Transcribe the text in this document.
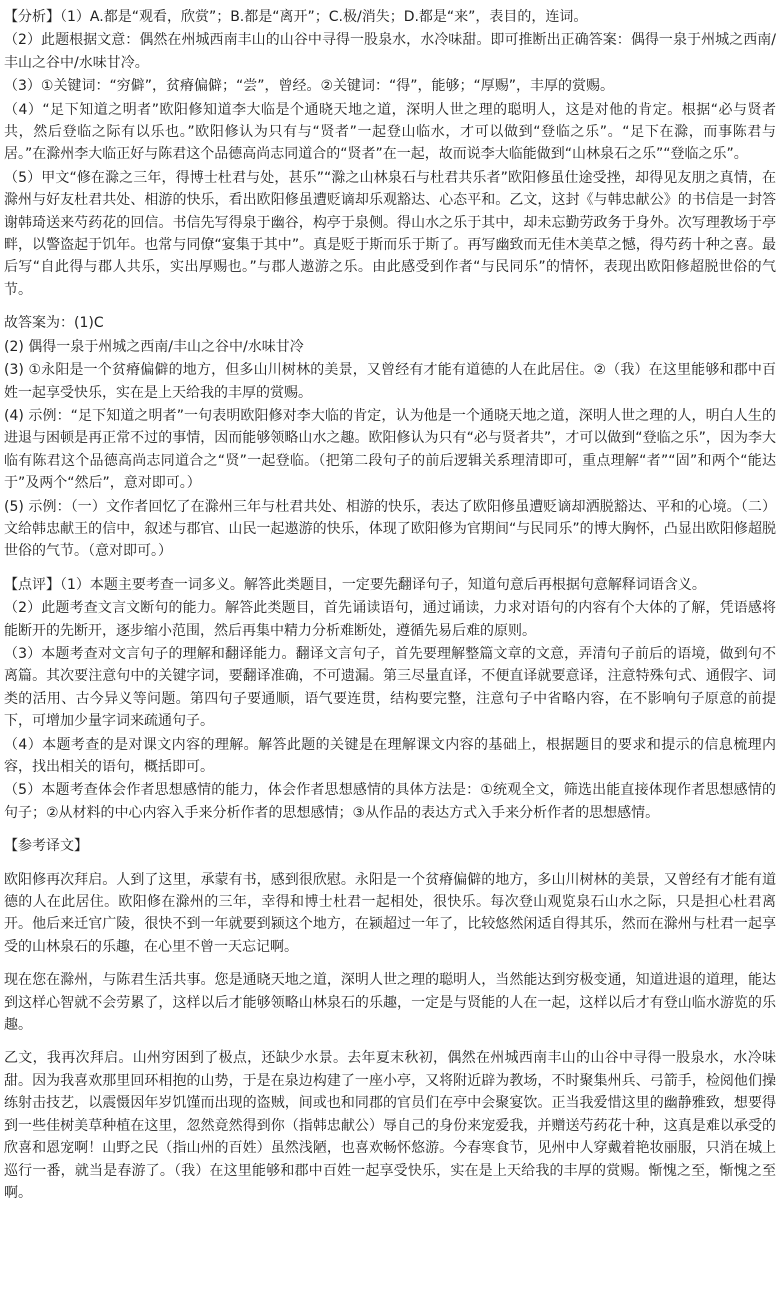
【分析】（1）A.都是“观看，欣赏”；B.都是“离开”；C.极/消失；D.都是“来”，表目的，连词。

（2）此题根据文意：偶然在州城西南丰山的山谷中寻得一股泉水，水冷味甜。即可推断出正确答案：偶得一泉于州城之西南/丰山之谷中/水味甘冷。

（3）①关键词：“穷僻”，贫瘠偏僻；“尝”，曾经。②关键词：“得”，能够；“厚赐”，丰厚的赏赐。

（4）“足下知道之明者”欧阳修知道李大临是个通晓天地之道，深明人世之理的聪明人，这是对他的肯定。根据“必与贤者共，然后登临之际有以乐也。”欧阳修认为只有与“贤者”一起登山临水，才可以做到“登临之乐”。“足下在滁，而事陈君与居。”在滁州李大临正好与陈君这个品德高尚志同道合的“贤者”在一起，故而说李大临能做到“山林泉石之乐”“登临之乐”。

（5）甲文“修在滁之三年，得博士杜君与处，甚乐”“滁之山林泉石与杜君共乐者”欧阳修虽仕途受挫，却得见友朋之真情，在滁州与好友杜君共处、相游的快乐，看出欧阳修虽遭贬谪却乐观豁达、心态平和。乙文，这封《与韩忠献公》的书信是一封答谢韩琦送来芍药花的回信。书信先写得泉于幽谷，构亭于泉侧。得山水之乐于其中，却未忘勤劳政务于身外。次写理教场于亭畔，以警盗起于饥年。也常与同僚“宴集于其中”。真是贬于斯而乐于斯了。再写幽致而无佳木美草之憾，得芍药十种之喜。最后写“自此得与郡人共乐，实出厚赐也。”与郡人遨游之乐。由此感受到作者“与民同乐”的情怀，表现出欧阳修超脱世俗的气节。

故答案为：(1)C

(2) 偶得一泉于州城之西南/丰山之谷中/水味甘冷

(3) ①永阳是一个贫瘠偏僻的地方，但多山川树林的美景，又曾经有才能有道德的人在此居住。②（我）在这里能够和郡中百姓一起享受快乐，实在是上天给我的丰厚的赏赐。

(4) 示例：“足下知道之明者”一句表明欧阳修对李大临的肯定，认为他是一个通晓天地之道，深明人世之理的人，明白人生的进退与困顿是再正常不过的事情，因而能够领略山水之趣。欧阳修认为只有“必与贤者共”，才可以做到“登临之乐”，因为李大临有陈君这个品德高尚志同道合之“贤”一起登临。（把第二段句子的前后逻辑关系理清即可，重点理解“者”“固”和两个“能达于”及两个“然后”，意对即可。）

(5) 示例：（一）文作者回忆了在滁州三年与杜君共处、相游的快乐，表达了欧阳修虽遭贬谪却洒脱豁达、平和的心境。（二）文给韩忠献王的信中，叙述与郡官、山民一起遨游的快乐，体现了欧阳修为官期间“与民同乐”的博大胸怀，凸显出欧阳修超脱世俗的气节。（意对即可。）

【点评】（1）本题主要考查一词多义。解答此类题目，一定要先翻译句子，知道句意后再根据句意解释词语含义。

（2）此题考查文言文断句的能力。解答此类题目，首先诵读语句，通过诵读，力求对语句的内容有个大体的了解，凭语感将能断开的先断开，逐步缩小范围，然后再集中精力分析难断处，遵循先易后难的原则。

（3）本题考查对文言句子的理解和翻译能力。翻译文言句子，首先要理解整篇文章的文意，弄清句子前后的语境，做到句不离篇。其次要注意句中的关键字词，要翻译准确，不可遗漏。第三尽量直译，不便直译就要意译，注意特殊句式、通假字、词类的活用、古今异义等问题。第四句子要通顺，语气要连贯，结构要完整，注意句子中省略内容，在不影响句子原意的前提下，可增加少量字词来疏通句子。

（4）本题考查的是对课文内容的理解。解答此题的关键是在理解课文内容的基础上，根据题目的要求和提示的信息梳理内容，找出相关的语句，概括即可。

（5）本题考查体会作者思想感情的能力，体会作者思想感情的具体方法是：①统观全文，筛选出能直接体现作者思想感情的句子；②从材料的中心内容入手来分析作者的思想感情；③从作品的表达方式入手来分析作者的思想感情。

【参考译文】

欧阳修再次拜启。人到了这里，承蒙有书，感到很欣慰。永阳是一个贫瘠偏僻的地方，多山川树林的美景，又曾经有才能有道德的人在此居住。欧阳修在滁州的三年，幸得和博士杜君一起相处，很快乐。每次登山观览泉石山水之际，只是担心杜君离开。他后来迁官广陵，很快不到一年就要到颍这个地方，在颍超过一年了，比较悠然闲适自得其乐，然而在滁州与杜君一起享受的山林泉石的乐趣，在心里不曾一天忘记啊。

现在您在滁州，与陈君生活共事。您是通晓天地之道，深明人世之理的聪明人，当然能达到穷极变通，知道进退的道理，能达到这样心智就不会劳累了，这样以后才能够领略山林泉石的乐趣，一定是与贤能的人在一起，这样以后才有登山临水游览的乐趣。

乙文，我再次拜启。山州穷困到了极点，还缺少水景。去年夏末秋初，偶然在州城西南丰山的山谷中寻得一股泉水，水冷味甜。因为我喜欢那里回环相抱的山势，于是在泉边构建了一座小亭，又将附近辟为教场，不时聚集州兵、弓箭手，检阅他们操练射击技艺，以震慑因年岁饥馑而出现的盗贼，间或也和同郡的官员们在亭中会聚宴饮。正当我爱惜这里的幽静雅致，想要得到一些佳树美草种植在这里，忽然竟然得到你（指韩忠献公）辱自己的身份来宠爱我，并赠送芍药花十种，这真是难以承受的欣喜和恩宠啊！山野之民（指山州的百姓）虽然浅陋，也喜欢畅怀悠游。今春寒食节，见州中人穿戴着艳妆丽服，只消在城上巡行一番，就当是春游了。（我）在这里能够和郡中百姓一起享受快乐，实在是上天给我的丰厚的赏赐。惭愧之至，惭愧之至啊。
